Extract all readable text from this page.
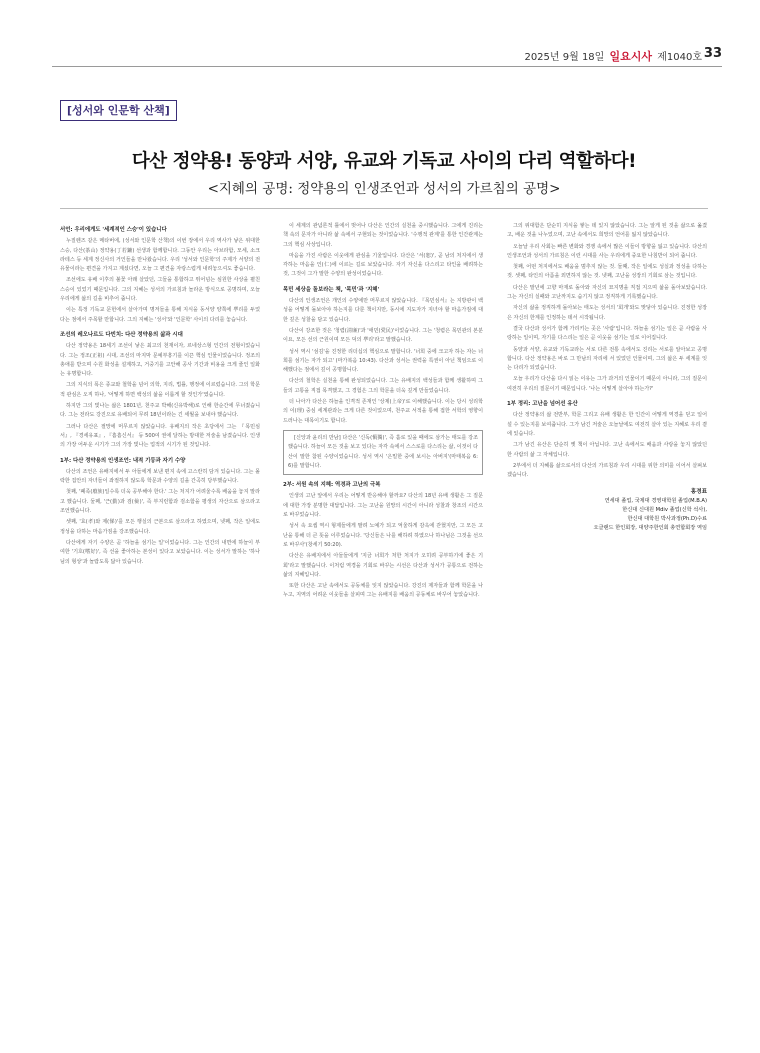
2025년 9월 18일 일요시사 제1040호 33
[성서와 인문학 산책]
다산 정약용! 동양과 서양, 유교와 기독교 사이의 다리 역할하다!
<지혜의 공명: 정약용의 인생조언과 성서의 가르침의 공명>
서언: 우리에게도 '세계적인 스승'이 있습니다
누질렌즈 같은 메타버에, (성서와 인문학 산책)의 이번 장에서 우리 역사가 낳은 위대한 스승, 다산(茶山) 정약용(丁若鏞) 선생과 함께합니다. 그동안 우리는 아브라함, 모세, 소크라테스 등 세계 정신사의 거인들을 만나왔습니다. 우리 '성서와 인문학'의 주제가 서양의 전유물이라는 편견을 가지고 계셨다면, 오늘 그 편견을 자랑스럽게 내려놓으셔도 좋습니다.
조선에도 유배 이후의 불꽃 아래 살았던, 그들을 통합하고 뛰어넘는 심원한 사상을 펼친 스승이 있었기 때문입니다. 그의 지혜는 성서의 가르침과 놀라운 방식으로 공명하며, 오늘 우리에게 삶의 길을 비추어 줍니다.
이는 특정 기독교 문헌에서 살아가며 명저들을 통해 지식을 동서양 양쪽에 뿌리를 두었다는 점에서 주목할 만합니다. 그의 지혜는 '성서'와 '인문학' 사이의 다리를 놓습니다.
조선의 레오나르도 다빈치: 다산 정약용의 삶과 시대
다산 정약용은 18세기 조선이 낳은 최고의 천재이자, 르네상스형 인간의 전형이었습니다. 그는 정조(正祖) 시대, 조선의 마지막 문예부흥기를 이끈 핵심 인물이었습니다. 정조의 총애를 받으며 수원 화성을 설계하고, 거중기를 고안해 공사 기간과 비용을 크게 줄인 일화는 유명합니다.
그의 지식의 폭은 종교와 철학을 넘어 의학, 지리, 법률, 행정에 이르렀습니다. 그의 학문적 관심은 오직 하나, '어떻게 하면 백성의 삶을 이롭게 할 것인가'였습니다.
하지만 그의 빛나는 삶은 1801년, 천주교 박해(신유박해)로 인해 한순간에 무너졌습니다. 그는 전라도 강진으로 유배되어 무려 18년이라는 긴 세월을 보내야 했습니다.
그러나 다산은 절망에 머무르지 않았습니다. 유배지의 작은 초당에서 그는 『목민심서』, 『경세유표』, 『흠흠신서』 등 500여 권에 달하는 방대한 저술을 남겼습니다. 인생의 가장 어두운 시기가 그의 가장 빛나는 업적의 시기가 된 것입니다.
1부: 다산 정약용의 인생조언: 내적 기둥과 자기 수양
다산의 조언은 유배지에서 두 아들에게 보낸 편지 속에 고스란히 담겨 있습니다. 그는 몰락한 집안의 자녀들이 좌절하지 않도록 학문과 수양의 길을 간곡히 당부했습니다.
첫째, '폐족(廢族)일수록 더욱 공부해야 한다.' 그는 처지가 어려울수록 배움을 놓지 말라고 했습니다. 둘째, '근(勤)과 검(儉)', 즉 부지런함과 검소함을 평생의 자산으로 삼으라고 조언했습니다.
셋째, '효(孝)와 제(悌)'를 모든 행실의 근본으로 삼으라고 하였으며, 넷째, 작은 일에도 정성을 다하는 마음가짐을 강조했습니다.
다산에게 자기 수양은 곧 '하늘을 섬기는 일'이었습니다. 그는 인간의 내면에 하늘이 부여한 '기호(嗜好)', 즉 선을 좋아하는 본성이 있다고 보았습니다. 이는 성서가 말하는 '하나님의 형상'과 놀랍도록 닮아 있습니다.
이 세계의 관념론적 틀에서 벗어나 다산은 인간의 실천을 중시했습니다. 그에게 진리는 책 속의 문자가 아니라 삶 속에서 구현되는 것이었습니다. '수행적 관계'를 통한 인간관계는 그의 핵심 사상입니다.
마음을 가진 사람은 이웃에게 관심을 기울입니다. 다산은 '서(恕)', 곧 남의 처지에서 생각하는 마음을 인(仁)에 이르는 길로 보았습니다. 자기 자신을 다스리고 타인을 배려하는 것, 그것이 그가 말한 수양의 완성이었습니다.
목민 세상을 돌보라는 책, '목민'과 '지혜'
다산의 인생조언은 개인의 수양에만 머무르지 않았습니다. 『목민심서』는 지방관이 백성을 어떻게 돌보아야 하는지를 다룬 책이지만, 동시에 지도자가 지녀야 할 마음가짐에 대한 깊은 성찰을 담고 있습니다.
다산이 강조한 것은 '청렴(淸廉)'과 '애민(愛民)'이었습니다. 그는 '청렴은 목민관의 본분이요, 모든 선의 근원이며 모든 덕의 뿌리'라고 말했습니다.
성서 역시 '섬김'을 진정한 리더십의 핵심으로 말합니다. '너희 중에 크고자 하는 자는 너희를 섬기는 자가 되고' (마가복음 10:43). 다산과 성서는 권력을 특권이 아닌 책임으로 이해했다는 점에서 깊이 공명합니다.
다산의 철학은 실천을 통해 완성되었습니다. 그는 유배지의 백성들과 함께 생활하며 그들의 고통을 직접 목격했고, 그 경험은 그의 학문을 더욱 깊게 만들었습니다.
더 나아가 다산은 하늘을 인격적 존재인 '상제(上帝)'로 이해했습니다. 이는 당시 성리학의 이(理) 중심 세계관과는 크게 다른 것이었으며, 천주교 서적을 통해 접한 서학의 영향이 드러나는 대목이기도 합니다.
[신앙과 윤리의 만남] 다산은 '신독(愼獨)', 즉 홀로 있을 때에도 삼가는 태도를 강조했습니다. 하늘이 모든 것을 보고 있다는 자각 속에서 스스로를 다스리는 삶, 이것이 다산이 말한 참된 수양이었습니다. 성서 역시 '은밀한 중에 보시는 아버지'(마태복음 6:6)를 말합니다.
2부: 서원 속의 지혜: 역경과 고난의 극복
인생의 고난 앞에서 우리는 어떻게 반응해야 할까요? 다산의 18년 유배 생활은 그 질문에 대한 가장 분명한 대답입니다. 그는 고난을 원망의 시간이 아니라 성찰과 창조의 시간으로 바꾸었습니다.
성서 속 요셉 역시 형제들에게 팔려 노예가 되고 억울하게 감옥에 갇혔지만, 그 모든 고난을 통해 더 큰 뜻을 이루었습니다. '당신들은 나를 해하려 하였으나 하나님은 그것을 선으로 바꾸사'(창세기 50:20).
다산은 유배지에서 아들들에게 '지금 너희가 처한 처지가 오히려 공부하기에 좋은 기회'라고 말했습니다. 이처럼 역경을 기회로 바꾸는 시선은 다산과 성서가 공통으로 전하는 삶의 지혜입니다.
또한 다산은 고난 속에서도 공동체를 잊지 않았습니다. 강진의 제자들과 함께 학문을 나누고, 지역의 어려운 이웃들을 살피며 그는 유배지를 배움의 공동체로 바꾸어 놓았습니다.
그의 위대함은 단순히 지식을 쌓는 데 있지 않았습니다. 그는 알게 된 것을 삶으로 옮겼고, 배운 것을 나누었으며, 고난 속에서도 희망의 언어를 잃지 않았습니다.
오늘날 우리 사회는 빠른 변화와 경쟁 속에서 많은 이들이 방향을 잃고 있습니다. 다산의 인생조언과 성서의 가르침은 이런 시대를 사는 우리에게 중요한 나침반이 되어 줍니다.
첫째, 어떤 처지에서도 배움을 멈추지 않는 것. 둘째, 작은 일에도 성실과 정성을 다하는 것. 셋째, 타인의 아픔을 외면하지 않는 것. 넷째, 고난을 성장의 기회로 삼는 것입니다.
다산은 말년에 고향 마재로 돌아와 자신의 묘지명을 직접 지으며 삶을 돌아보았습니다. 그는 자신의 실패와 고난까지도 숨기지 않고 정직하게 기록했습니다.
자신의 삶을 정직하게 돌아보는 태도는 성서의 '회개'와도 맞닿아 있습니다. 진정한 성장은 자신의 한계를 인정하는 데서 시작됩니다.
결국 다산과 성서가 함께 가리키는 곳은 '사람'입니다. 하늘을 섬기는 일은 곧 사람을 사랑하는 일이며, 자기를 다스리는 일은 곧 이웃을 섬기는 일로 이어집니다.
동양과 서양, 유교와 기독교라는 서로 다른 전통 속에서도 진리는 서로를 알아보고 공명합니다. 다산 정약용은 바로 그 만남의 자리에 서 있었던 인물이며, 그의 삶은 두 세계를 잇는 다리가 되었습니다.
오늘 우리가 다산을 다시 읽는 이유는 그가 과거의 인물이기 때문이 아니라, 그의 질문이 여전히 우리의 질문이기 때문입니다. '나는 어떻게 살아야 하는가?'
1부 정리: 고난을 넘어선 유산
다산 정약용의 삶 전반부, 학문 그리고 유배 생활은 한 인간이 어떻게 역경을 딛고 일어설 수 있는지를 보여줍니다. 그가 남긴 저술은 오늘날에도 여전히 살아 있는 지혜로 우리 곁에 있습니다.
그가 남긴 유산은 단순히 옛 책이 아닙니다. 고난 속에서도 배움과 사랑을 놓지 않았던 한 사람의 삶 그 자체입니다.
2부에서 더 지혜롭 삶으로서의 다산의 가르침과 우리 시대를 위한 의미를 이어서 살펴보겠습니다.
홍경표
연세대 졸업, 국제대 경영대학원 졸업(M.B.A)
한신대 신대원 Mdiv 졸업(신학 석사),
한신대 대학원 박사과정(Ph.D)수료
오클랜드 한인회장, 대양주한인회 총연합회장 역임
